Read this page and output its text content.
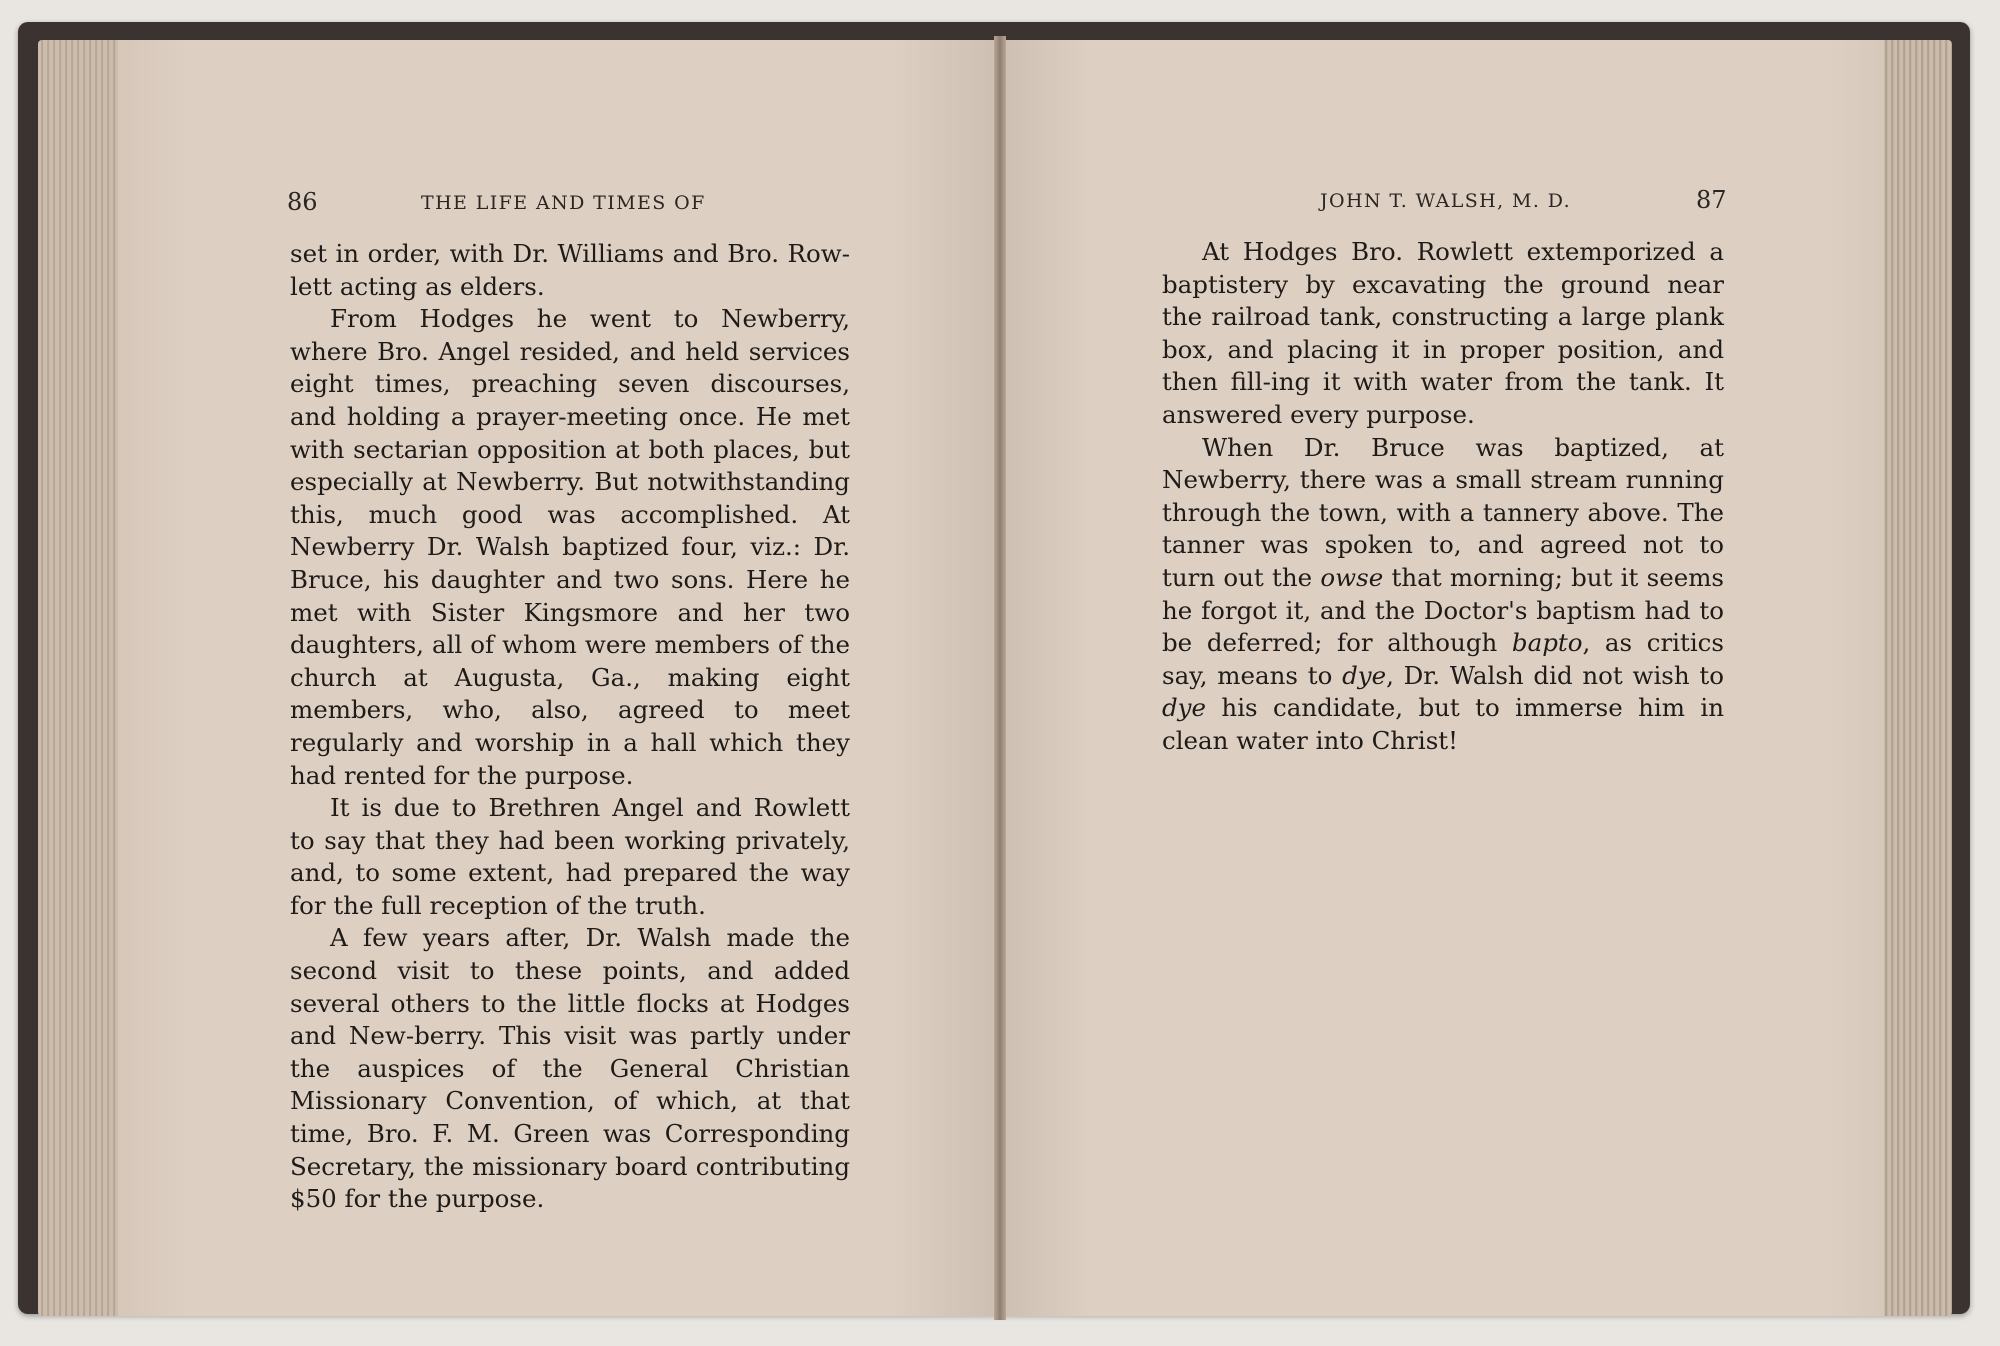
86	THE LIFE AND TIMES OF

set in order, with Dr. Williams and Bro. Row-lett acting as elders.

From Hodges he went to Newberry, where Bro. Angel resided, and held services eight times, preaching seven discourses, and holding a prayer-meeting once. He met with sectarian opposition at both places, but especially at Newberry. But notwithstanding this, much good was accomplished. At Newberry Dr. Walsh baptized four, viz.: Dr. Bruce, his daughter and two sons. Here he met with Sister Kingsmore and her two daughters, all of whom were members of the church at Augusta, Ga., making eight members, who, also, agreed to meet regularly and worship in a hall which they had rented for the purpose.

It is due to Brethren Angel and Rowlett to say that they had been working privately, and, to some extent, had prepared the way for the full reception of the truth.

A few years after, Dr. Walsh made the second visit to these points, and added several others to the little flocks at Hodges and New-berry. This visit was partly under the auspices of the General Christian Missionary Convention, of which, at that time, Bro. F. M. Green was Corresponding Secretary, the missionary board contributing $50 for the purpose.

JOHN T. WALSH, M. D.	87

At Hodges Bro. Rowlett extemporized a baptistery by excavating the ground near the railroad tank, constructing a large plank box, and placing it in proper position, and then fill-ing it with water from the tank. It answered every purpose.

When Dr. Bruce was baptized, at Newberry, there was a small stream running through the town, with a tannery above. The tanner was spoken to, and agreed not to turn out the owse that morning; but it seems he forgot it, and the Doctor's baptism had to be deferred; for although bapto, as critics say, means to dye, Dr. Walsh did not wish to dye his candidate, but to immerse him in clean water into Christ!
